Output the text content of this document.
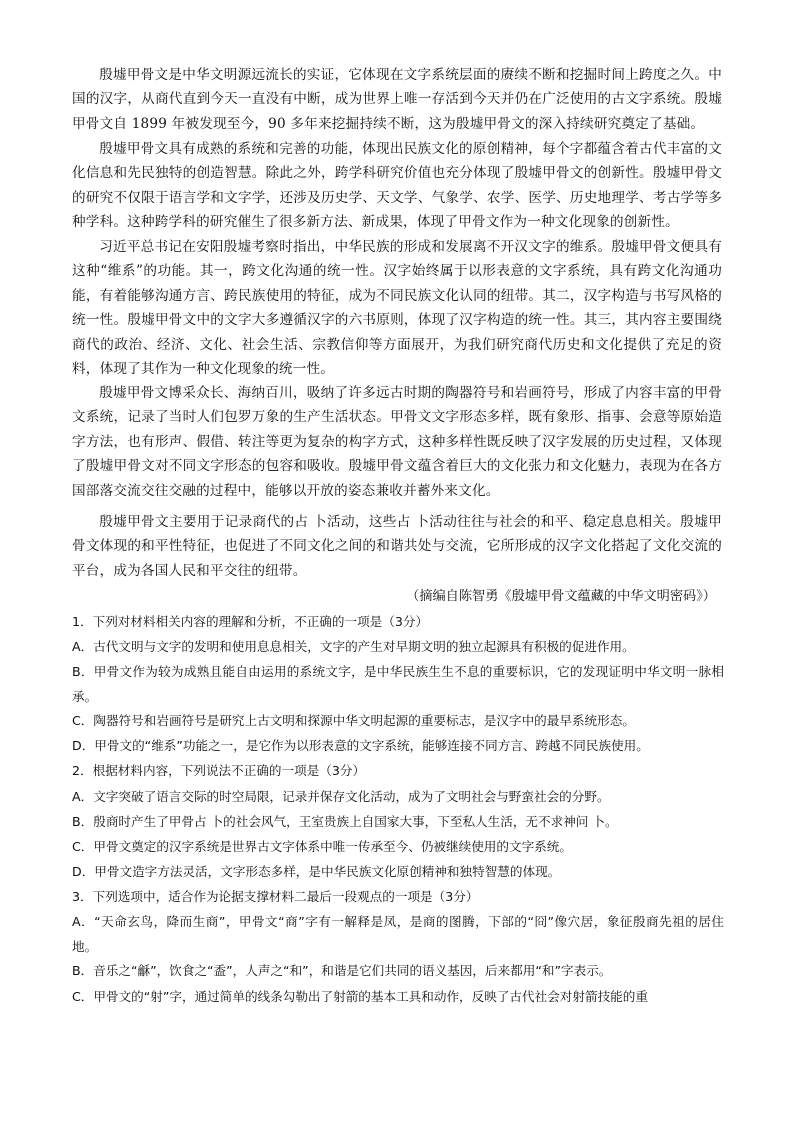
殷墟甲骨文是中华文明源远流长的实证，它体现在文字系统层面的赓续不断和挖掘时间上跨度之久。中国的汉字，从商代直到今天一直没有中断，成为世界上唯一存活到今天并仍在广泛使用的古文字系统。殷墟甲骨文自 1899 年被发现至今，90 多年来挖掘持续不断，这为殷墟甲骨文的深入持续研究奠定了基础。
殷墟甲骨文具有成熟的系统和完善的功能，体现出民族文化的原创精神，每个字都蕴含着古代丰富的文化信息和先民独特的创造智慧。除此之外，跨学科研究价值也充分体现了殷墟甲骨文的创新性。殷墟甲骨文的研究不仅限于语言学和文字学，还涉及历史学、天文学、气象学、农学、医学、历史地理学、考古学等多种学科。这种跨学科的研究催生了很多新方法、新成果，体现了甲骨文作为一种文化现象的创新性。
习近平总书记在安阳殷墟考察时指出，中华民族的形成和发展离不开汉文字的维系。殷墟甲骨文便具有这种“维系”的功能。其一，跨文化沟通的统一性。汉字始终属于以形表意的文字系统，具有跨文化沟通功能，有着能够沟通方言、跨民族使用的特征，成为不同民族文化认同的纽带。其二，汉字构造与书写风格的统一性。殷墟甲骨文中的文字大多遵循汉字的六书原则，体现了汉字构造的统一性。其三，其内容主要围绕商代的政治、经济、文化、社会生活、宗教信仰等方面展开，为我们研究商代历史和文化提供了充足的资料，体现了其作为一种文化现象的统一性。
殷墟甲骨文博采众长、海纳百川，吸纳了许多远古时期的陶器符号和岩画符号，形成了内容丰富的甲骨文系统，记录了当时人们包罗万象的生产生活状态。甲骨文文字形态多样，既有象形、指事、会意等原始造字方法，也有形声、假借、转注等更为复杂的构字方式，这种多样性既反映了汉字发展的历史过程，又体现了殷墟甲骨文对不同文字形态的包容和吸收。殷墟甲骨文蕴含着巨大的文化张力和文化魅力，表现为在各方国部落交流交往交融的过程中，能够以开放的姿态兼收并蓄外来文化。
殷墟甲骨文主要用于记录商代的占 卜活动，这些占 卜活动往往与社会的和平、稳定息息相关。殷墟甲骨文体现的和平性特征，也促进了不同文化之间的和谐共处与交流，它所形成的汉字文化搭起了文化交流的平台，成为各国人民和平交往的纽带。
（摘编自陈智勇《殷墟甲骨文蕴藏的中华文明密码》）
1．下列对材料相关内容的理解和分析，不正确的一项是（3分）
A．古代文明与文字的发明和使用息息相关，文字的产生对早期文明的独立起源具有积极的促进作用。
B．甲骨文作为较为成熟且能自由运用的系统文字，是中华民族生生不息的重要标识，它的发现证明中华文明一脉相承。
C．陶器符号和岩画符号是研究上古文明和探源中华文明起源的重要标志，是汉字中的最早系统形态。
D．甲骨文的“维系”功能之一，是它作为以形表意的文字系统，能够连接不同方言、跨越不同民族使用。
2．根据材料内容，下列说法不正确的一项是（3分）
A．文字突破了语言交际的时空局限，记录并保存文化活动，成为了文明社会与野蛮社会的分野。
B．殷商时产生了甲骨占 卜的社会风气，王室贵族上自国家大事，下至私人生活，无不求神问 卜。
C．甲骨文奠定的汉字系统是世界古文字体系中唯一传承至今、仍被继续使用的文字系统。
D．甲骨文造字方法灵活，文字形态多样，是中华民族文化原创精神和独特智慧的体现。
3．下列选项中，适合作为论据支撑材料二最后一段观点的一项是（3分）
A．“天命玄鸟，降而生商”，甲骨文“商”字有一解释是凤，是商的图腾，下部的“冏”像穴居，象征殷商先祖的居住地。
B．音乐之“龢”，饮食之“盉”，人声之“和”，和谐是它们共同的语义基因，后来都用“和”字表示。
C．甲骨文的“射”字，通过简单的线条勾勒出了射箭的基本工具和动作，反映了古代社会对射箭技能的重
